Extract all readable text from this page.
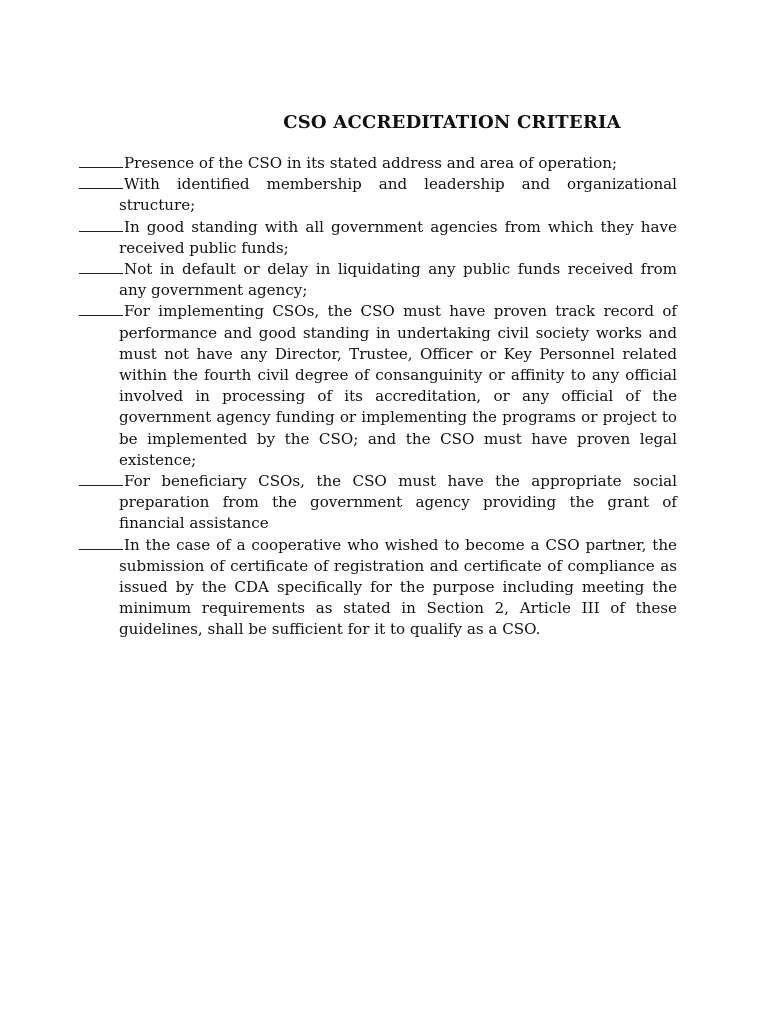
CSO ACCREDITATION CRITERIA
Presence of the CSO in its stated address and area of operation;
With identified membership and leadership and organizational structure;
In good standing with all government agencies from which they have received public funds;
Not in default or delay in liquidating any public funds received from any government agency;
For implementing CSOs, the CSO must have proven track record of performance and good standing in undertaking civil society works and must not have any Director, Trustee, Officer or Key Personnel related within the fourth civil degree of consanguinity or affinity to any official involved in processing of its accreditation, or any official of the government agency funding or implementing the programs or project to be implemented by the CSO; and the CSO must have proven legal existence;
For beneficiary CSOs, the CSO must have the appropriate social preparation from the government agency providing the grant of financial assistance
In the case of a cooperative who wished to become a CSO partner, the submission of certificate of registration and certificate of compliance as issued by the CDA specifically for the purpose including meeting the minimum requirements as stated in Section 2, Article III of these guidelines, shall be sufficient for it to qualify as a CSO.
